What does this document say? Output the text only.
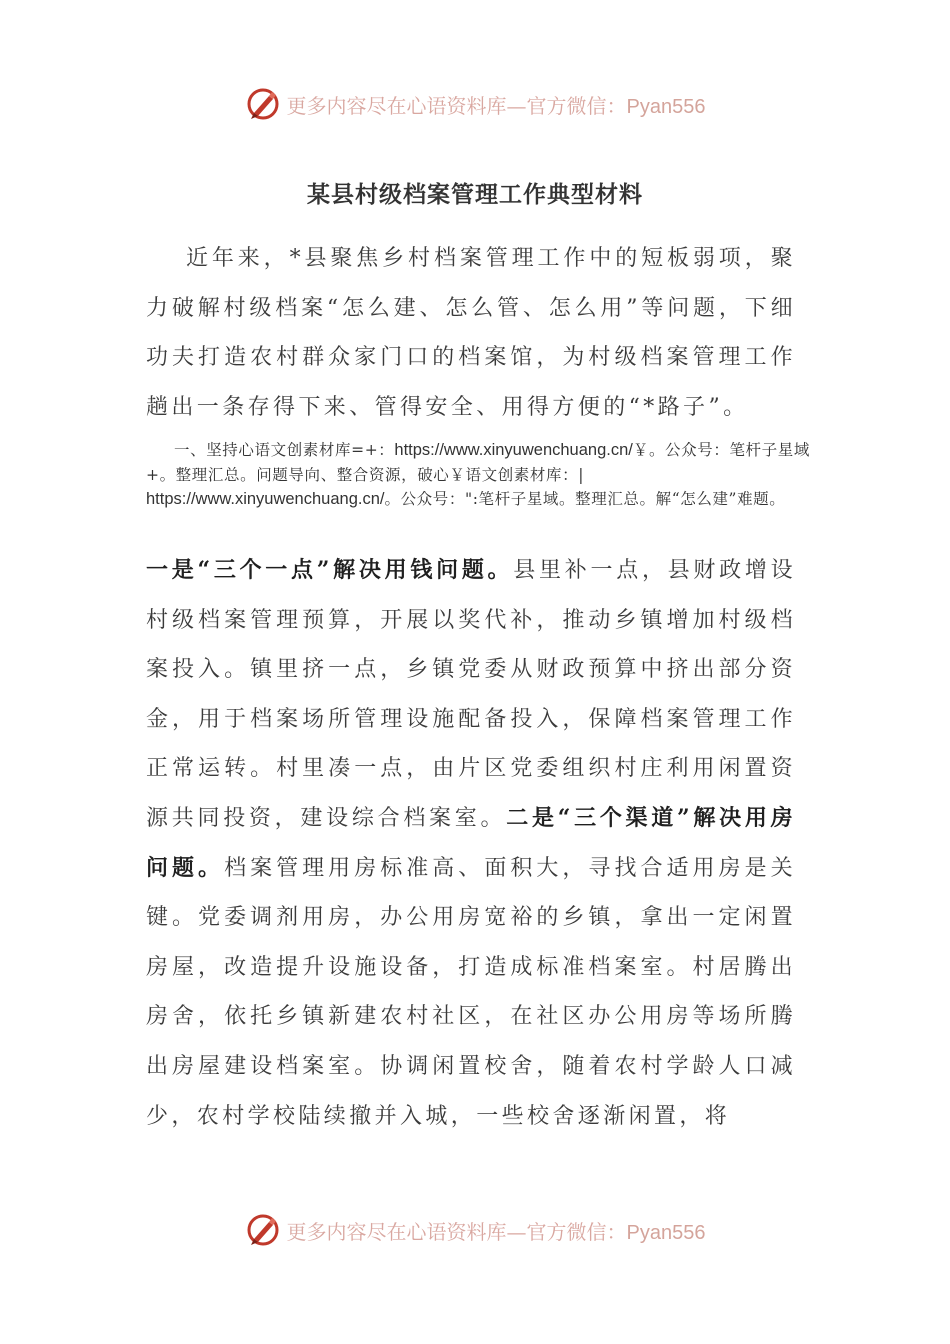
更多内容尽在心语资料库—官方微信：Pyan556
某县村级档案管理工作典型材料

近年来，*县聚焦乡村档案管理工作中的短板弱项，聚力破解村级档案“怎么建、怎么管、怎么用”等问题，下细功夫打造农村群众家门口的档案馆，为村级档案管理工作趟出一条存得下来、管得安全、用得方便的“*路子”。

一、坚持心语文创素材库=+：https://www.xinyuwenchuang.cn/￥。公众号：笔杆子星域+。整理汇总。问题导向、整合资源，破心￥语文创素材库：|
https://www.xinyuwenchuang.cn/。公众号：":笔杆子星域。整理汇总。解“怎么建”难题。

一是“三个一点”解决用钱问题。县里补一点，县财政增设村级档案管理预算，开展以奖代补，推动乡镇增加村级档案投入。镇里挤一点，乡镇党委从财政预算中挤出部分资金，用于档案场所管理设施配备投入，保障档案管理工作正常运转。村里凑一点，由片区党委组织村庄利用闲置资源共同投资，建设综合档案室。二是“三个渠道”解决用房问题。档案管理用房标准高、面积大，寻找合适用房是关键。党委调剂用房，办公用房宽裕的乡镇，拿出一定闲置房屋，改造提升设施设备，打造成标准档案室。村居腾出房舍，依托乡镇新建农村社区，在社区办公用房等场所腾出房屋建设档案室。协调闲置校舍，随着农村学龄人口减少，农村学校陆续撤并入城，一些校舍逐渐闲置，将

更多内容尽在心语资料库—官方微信：Pyan556
